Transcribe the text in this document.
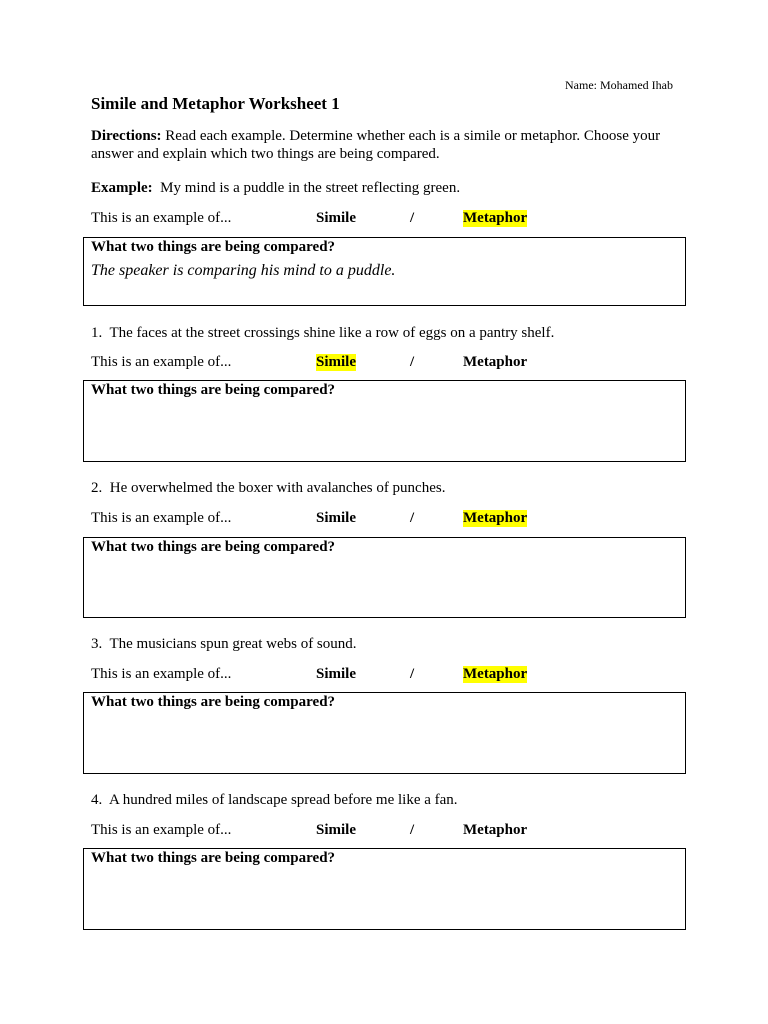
Name: Mohamed Ihab
Simile and Metaphor Worksheet 1
Directions: Read each example. Determine whether each is a simile or metaphor. Choose your answer and explain which two things are being compared.
Example: My mind is a puddle in the street reflecting green.
This is an example of...	Simile	/	Metaphor
What two things are being compared?
The speaker is comparing his mind to a puddle.
1. The faces at the street crossings shine like a row of eggs on a pantry shelf.
This is an example of...	Simile	/	Metaphor
What two things are being compared?
2. He overwhelmed the boxer with avalanches of punches.
This is an example of...	Simile	/	Metaphor
What two things are being compared?
3. The musicians spun great webs of sound.
This is an example of...	Simile	/	Metaphor
What two things are being compared?
4. A hundred miles of landscape spread before me like a fan.
This is an example of...	Simile	/	Metaphor
What two things are being compared?
